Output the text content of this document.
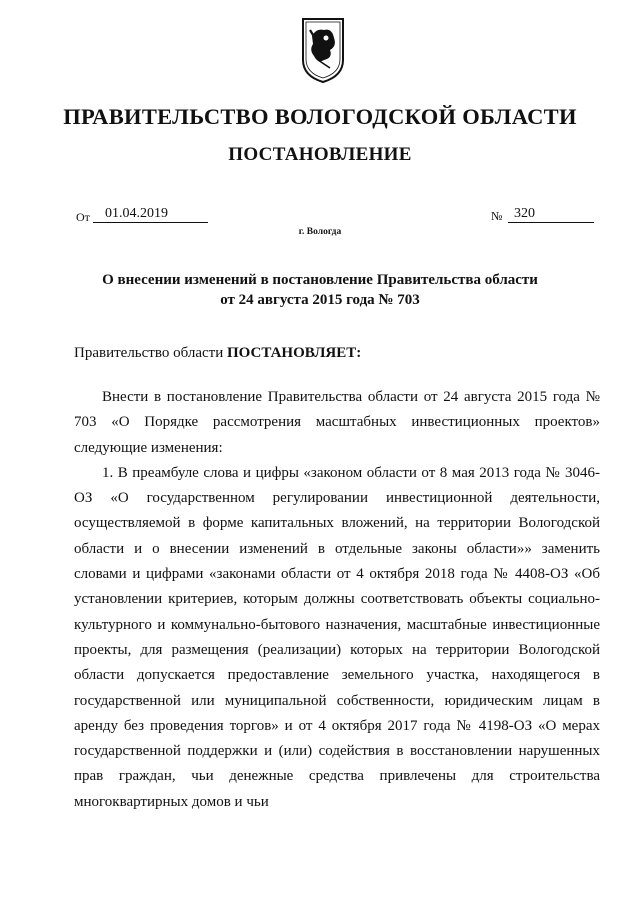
ПРАВИТЕЛЬСТВО ВОЛОГОДСКОЙ ОБЛАСТИ
ПОСТАНОВЛЕНИЕ
От	01.04.2019	№ 320
г. Вологда
О внесении изменений в постановление Правительства области
от 24 августа 2015 года № 703
Правительство области ПОСТАНОВЛЯЕТ:

Внести в постановление Правительства области от 24 августа 2015 года № 703 «О Порядке рассмотрения масштабных инвестиционных проектов» следующие изменения:

1. В преамбуле слова и цифры «законом области от 8 мая 2013 года № 3046-ОЗ «О государственном регулировании инвестиционной деятельности, осуществляемой в форме капитальных вложений, на территории Вологодской области и о внесении изменений в отдельные законы области»» заменить словами и цифрами «законами области от 4 октября 2018 года № 4408-ОЗ «Об установлении критериев, которым должны соответствовать объекты социально-культурного и коммунально-бытового назначения, масштабные инвестиционные проекты, для размещения (реализации) которых на территории Вологодской области допускается предоставление земельного участка, находящегося в государственной или муниципальной собственности, юридическим лицам в аренду без проведения торгов» и от 4 октября 2017 года № 4198-ОЗ «О мерах государственной поддержки и (или) содействия в восстановлении нарушенных прав граждан, чьи денежные средства привлечены для строительства многоквартирных домов и чьи
